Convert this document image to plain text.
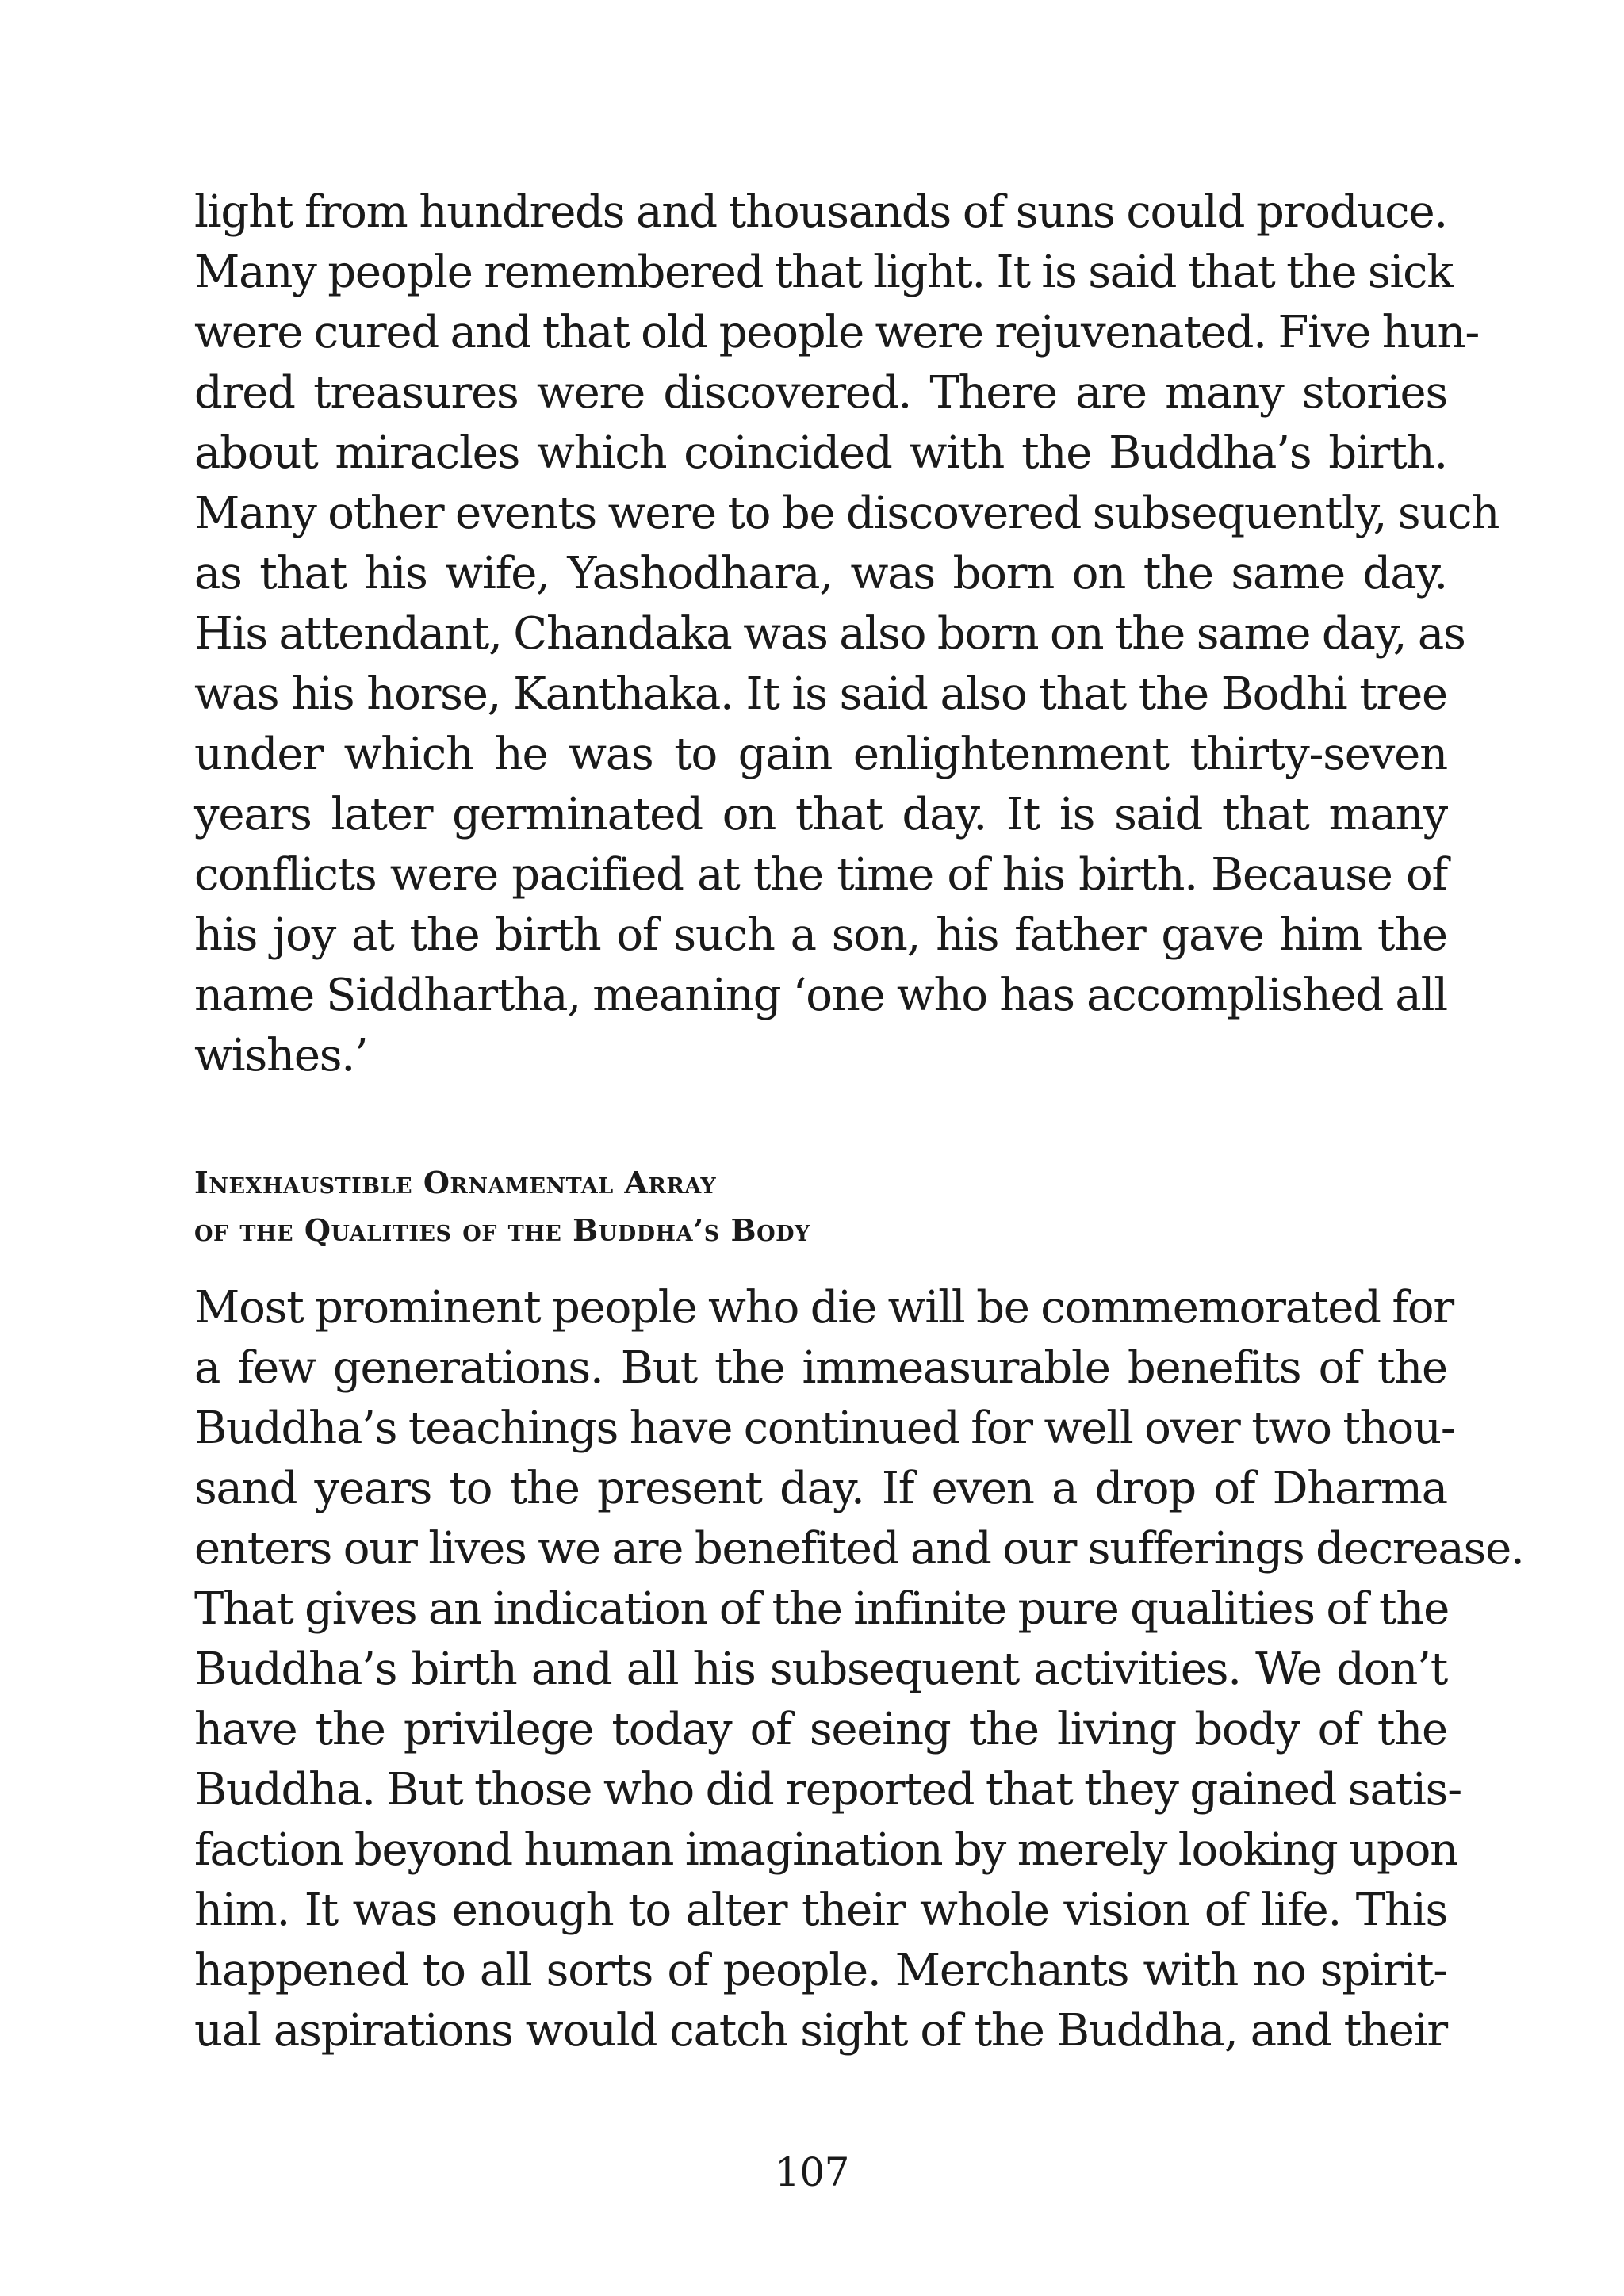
light from hundreds and thousands of suns could produce.
Many people remembered that light. It is said that the sick
were cured and that old people were rejuvenated. Five hun-
dred treasures were discovered. There are many stories
about miracles which coincided with the Buddha’s birth.
Many other events were to be discovered subsequently, such
as that his wife, Yashodhara, was born on the same day.
His attendant, Chandaka was also born on the same day, as
was his horse, Kanthaka. It is said also that the Bodhi tree
under which he was to gain enlightenment thirty-seven
years later germinated on that day. It is said that many
conflicts were pacified at the time of his birth. Because of
his joy at the birth of such a son, his father gave him the
name Siddhartha, meaning ‘one who has accomplished all
wishes.’
Inexhaustible Ornamental Array
of the Qualities of the Buddha’s Body
Most prominent people who die will be commemorated for
a few generations. But the immeasurable benefits of the
Buddha’s teachings have continued for well over two thou-
sand years to the present day. If even a drop of Dharma
enters our lives we are benefited and our sufferings decrease.
That gives an indication of the infinite pure qualities of the
Buddha’s birth and all his subsequent activities. We don’t
have the privilege today of seeing the living body of the
Buddha. But those who did reported that they gained satis-
faction beyond human imagination by merely looking upon
him. It was enough to alter their whole vision of life. This
happened to all sorts of people. Merchants with no spirit-
ual aspirations would catch sight of the Buddha, and their
107
